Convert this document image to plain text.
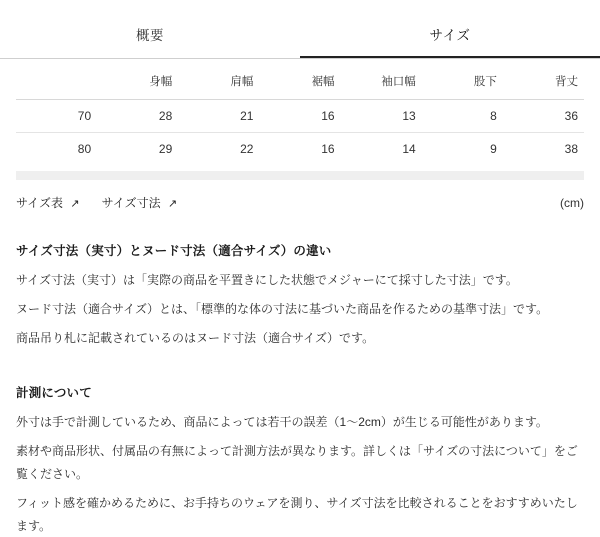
概要	サイズ
	身幅	肩幅	裾幅	袖口幅	股下	背丈
70	28	21	16	13	8	36
80	29	22	16	14	9	38
サイズ表 ↗ サイズ寸法 ↗	(cm)
サイズ寸法（実寸）とヌード寸法（適合サイズ）の違い

サイズ寸法（実寸）は「実際の商品を平置きにした状態でメジャーにて採寸した寸法」です。

ヌード寸法（適合サイズ）とは、「標準的な体の寸法に基づいた商品を作るための基準寸法」です。

商品吊り札に記載されているのはヌード寸法（適合サイズ）です。

計測について

外寸は手で計測しているため、商品によっては若干の誤差（1〜2cm）が生じる可能性があります。

素材や商品形状、付属品の有無によって計測方法が異なります。詳しくは「サイズの寸法について」をご覧ください。

フィット感を確かめるために、お手持ちのウェアを測り、サイズ寸法を比較されることをおすすめいたします。
